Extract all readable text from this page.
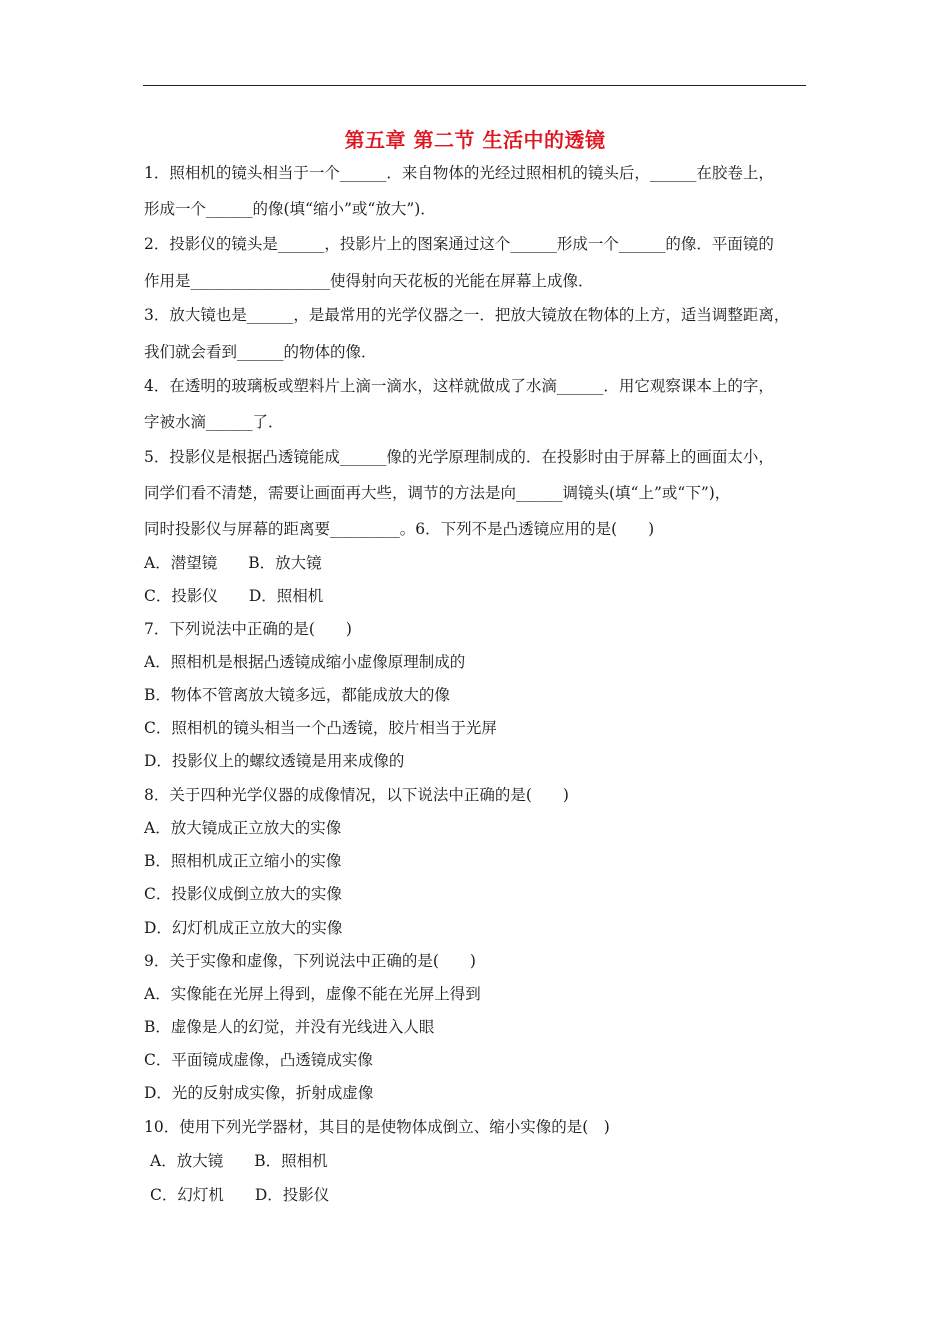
第五章 第二节 生活中的透镜
1．照相机的镜头相当于一个______．来自物体的光经过照相机的镜头后，______在胶卷上，
形成一个______的像(填“缩小”或“放大”)．
2．投影仪的镜头是______，投影片上的图案通过这个______形成一个______的像．平面镜的
作用是__________________使得射向天花板的光能在屏幕上成像．
3．放大镜也是______，是最常用的光学仪器之一．把放大镜放在物体的上方，适当调整距离，
我们就会看到______的物体的像．
4．在透明的玻璃板或塑料片上滴一滴水，这样就做成了水滴______．用它观察课本上的字，
字被水滴______了．
5．投影仪是根据凸透镜能成______像的光学原理制成的．在投影时由于屏幕上的画面太小，
同学们看不清楚，需要让画面再大些，调节的方法是向______调镜头(填“上”或“下”)，
同时投影仪与屏幕的距离要_________。6．下列不是凸透镜应用的是(　　)
A．潜望镜　　B．放大镜
C．投影仪　　D．照相机
7．下列说法中正确的是(　　)
A．照相机是根据凸透镜成缩小虚像原理制成的
B．物体不管离放大镜多远，都能成放大的像
C．照相机的镜头相当一个凸透镜，胶片相当于光屏
D．投影仪上的螺纹透镜是用来成像的
8．关于四种光学仪器的成像情况，以下说法中正确的是(　　)
A．放大镜成正立放大的实像
B．照相机成正立缩小的实像
C．投影仪成倒立放大的实像
D．幻灯机成正立放大的实像
9．关于实像和虚像，下列说法中正确的是(　　)
A．实像能在光屏上得到，虚像不能在光屏上得到
B．虚像是人的幻觉，并没有光线进入人眼
C．平面镜成虚像，凸透镜成实像
D．光的反射成实像，折射成虚像
10．使用下列光学器材，其目的是使物体成倒立、缩小实像的是(　)
A．放大镜　　B．照相机
C．幻灯机　　D．投影仪
